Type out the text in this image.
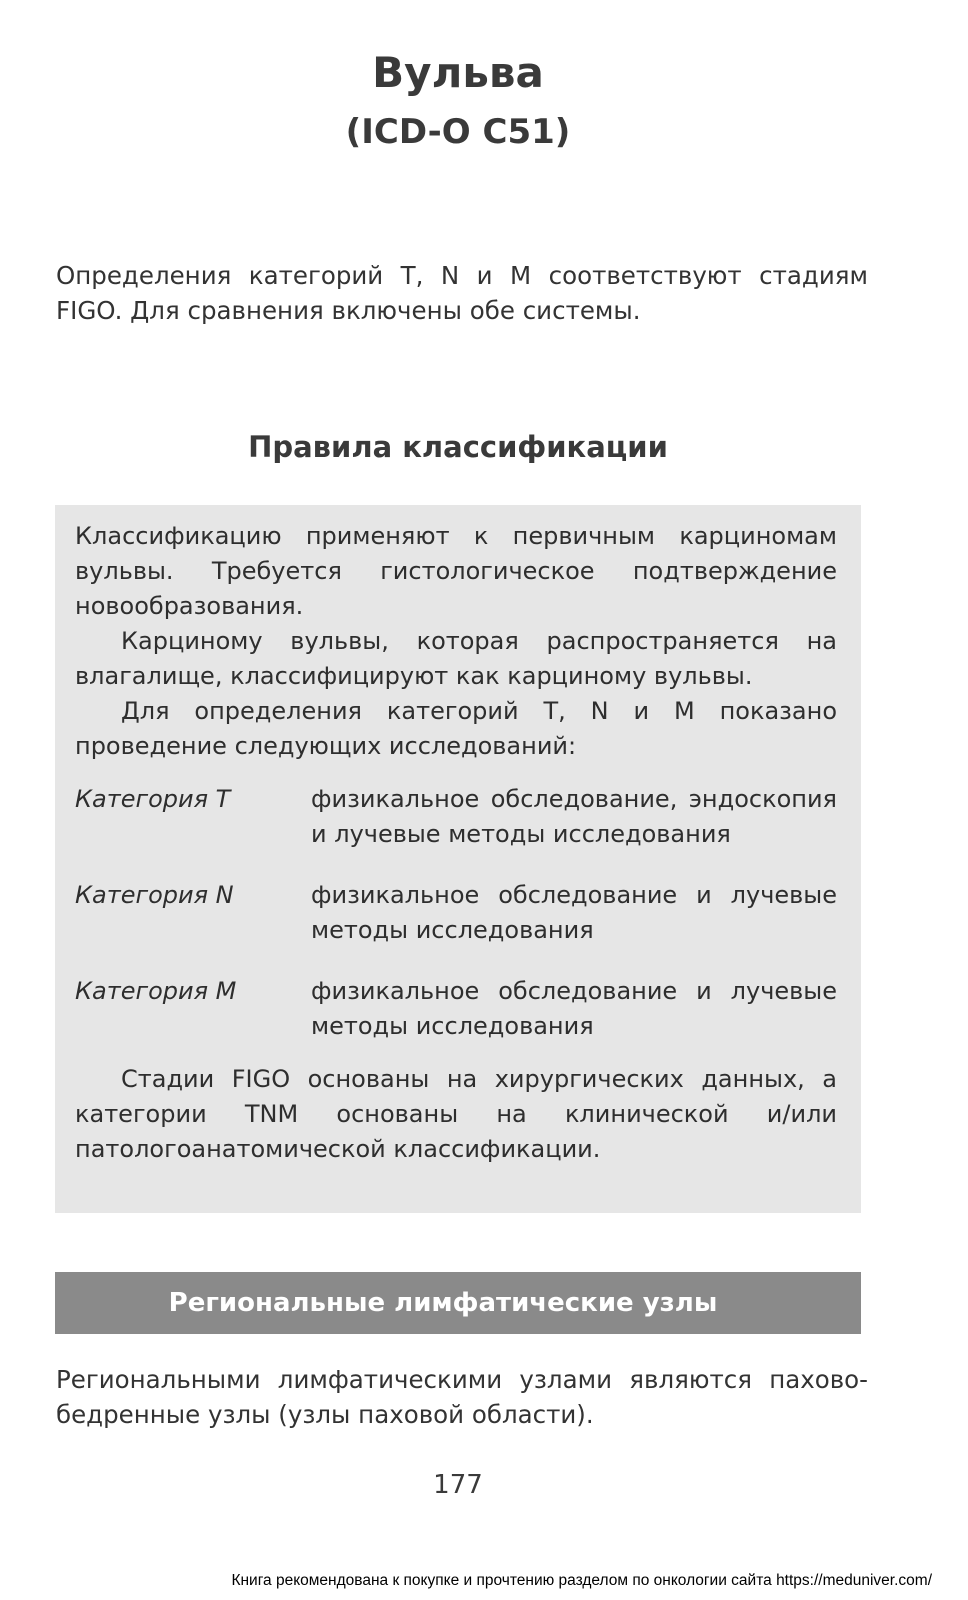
Вульва
(ICD-O C51)

Определения категорий T, N и M соответствуют стадиям FIGO. Для сравнения включены обе системы.

Правила классификации

Классификацию применяют к первичным карциномам вульвы. Требуется гистологическое подтверждение новообразования.

Карциному вульвы, которая распространяется на влагалище, классифицируют как карциному вульвы.

Для определения категорий T, N и M показано проведение следующих исследований:

Категория T	физикальное обследование, эндоскопия и лучевые методы исследования
Категория N	физикальное обследование и лучевые методы исследования
Категория M	физикальное обследование и лучевые методы исследования

Стадии FIGO основаны на хирургических данных, а категории TNM основаны на клинической и/или патологоанатомической классификации.

Региональные лимфатические узлы

Региональными лимфатическими узлами являются пахово-бедренные узлы (узлы паховой области).

177
Книга рекомендована к покупке и прочтению разделом по онкологии сайта https://meduniver.com/
